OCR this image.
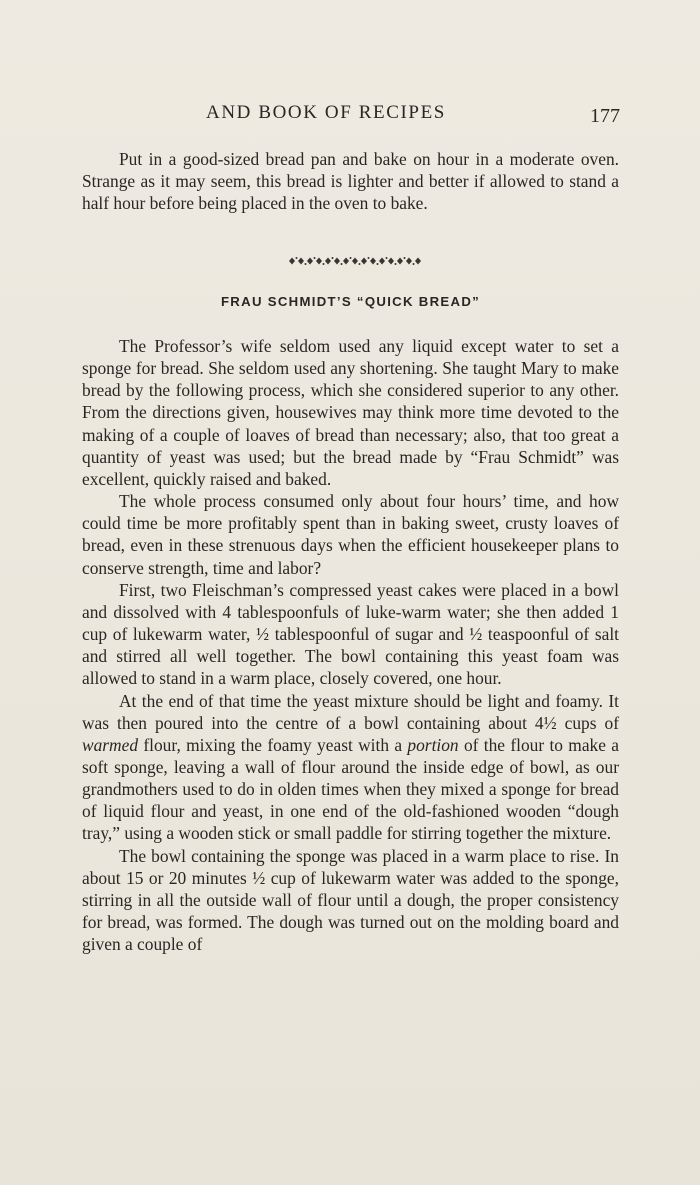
AND BOOK OF RECIPES	177

Put in a good-sized bread pan and bake on hour in a moderate oven. Strange as it may seem, this bread is lighter and better if allowed to stand a half hour before being placed in the oven to bake.

FRAU SCHMIDT’S “QUICK BREAD”

The Professor’s wife seldom used any liquid except water to set a sponge for bread. She seldom used any shortening. She taught Mary to make bread by the following process, which she considered superior to any other. From the directions given, housewives may think more time devoted to the making of a couple of loaves of bread than necessary; also, that too great a quantity of yeast was used; but the bread made by “Frau Schmidt” was excellent, quickly raised and baked.

The whole process consumed only about four hours’ time, and how could time be more profitably spent than in baking sweet, crusty loaves of bread, even in these strenuous days when the efficient housekeeper plans to conserve strength, time and labor?

First, two Fleischman’s compressed yeast cakes were placed in a bowl and dissolved with 4 tablespoonfuls of luke-warm water; she then added 1 cup of lukewarm water, ½ tablespoonful of sugar and ½ teaspoonful of salt and stirred all well together. The bowl containing this yeast foam was allowed to stand in a warm place, closely covered, one hour.

At the end of that time the yeast mixture should be light and foamy. It was then poured into the centre of a bowl containing about 4½ cups of warmed flour, mixing the foamy yeast with a portion of the flour to make a soft sponge, leaving a wall of flour around the inside edge of bowl, as our grandmothers used to do in olden times when they mixed a sponge for bread of liquid flour and yeast, in one end of the old-fashioned wooden “dough tray,” using a wooden stick or small paddle for stirring together the mixture.

The bowl containing the sponge was placed in a warm place to rise. In about 15 or 20 minutes ½ cup of lukewarm water was added to the sponge, stirring in all the outside wall of flour until a dough, the proper consistency for bread, was formed. The dough was turned out on the molding board and given a couple of
